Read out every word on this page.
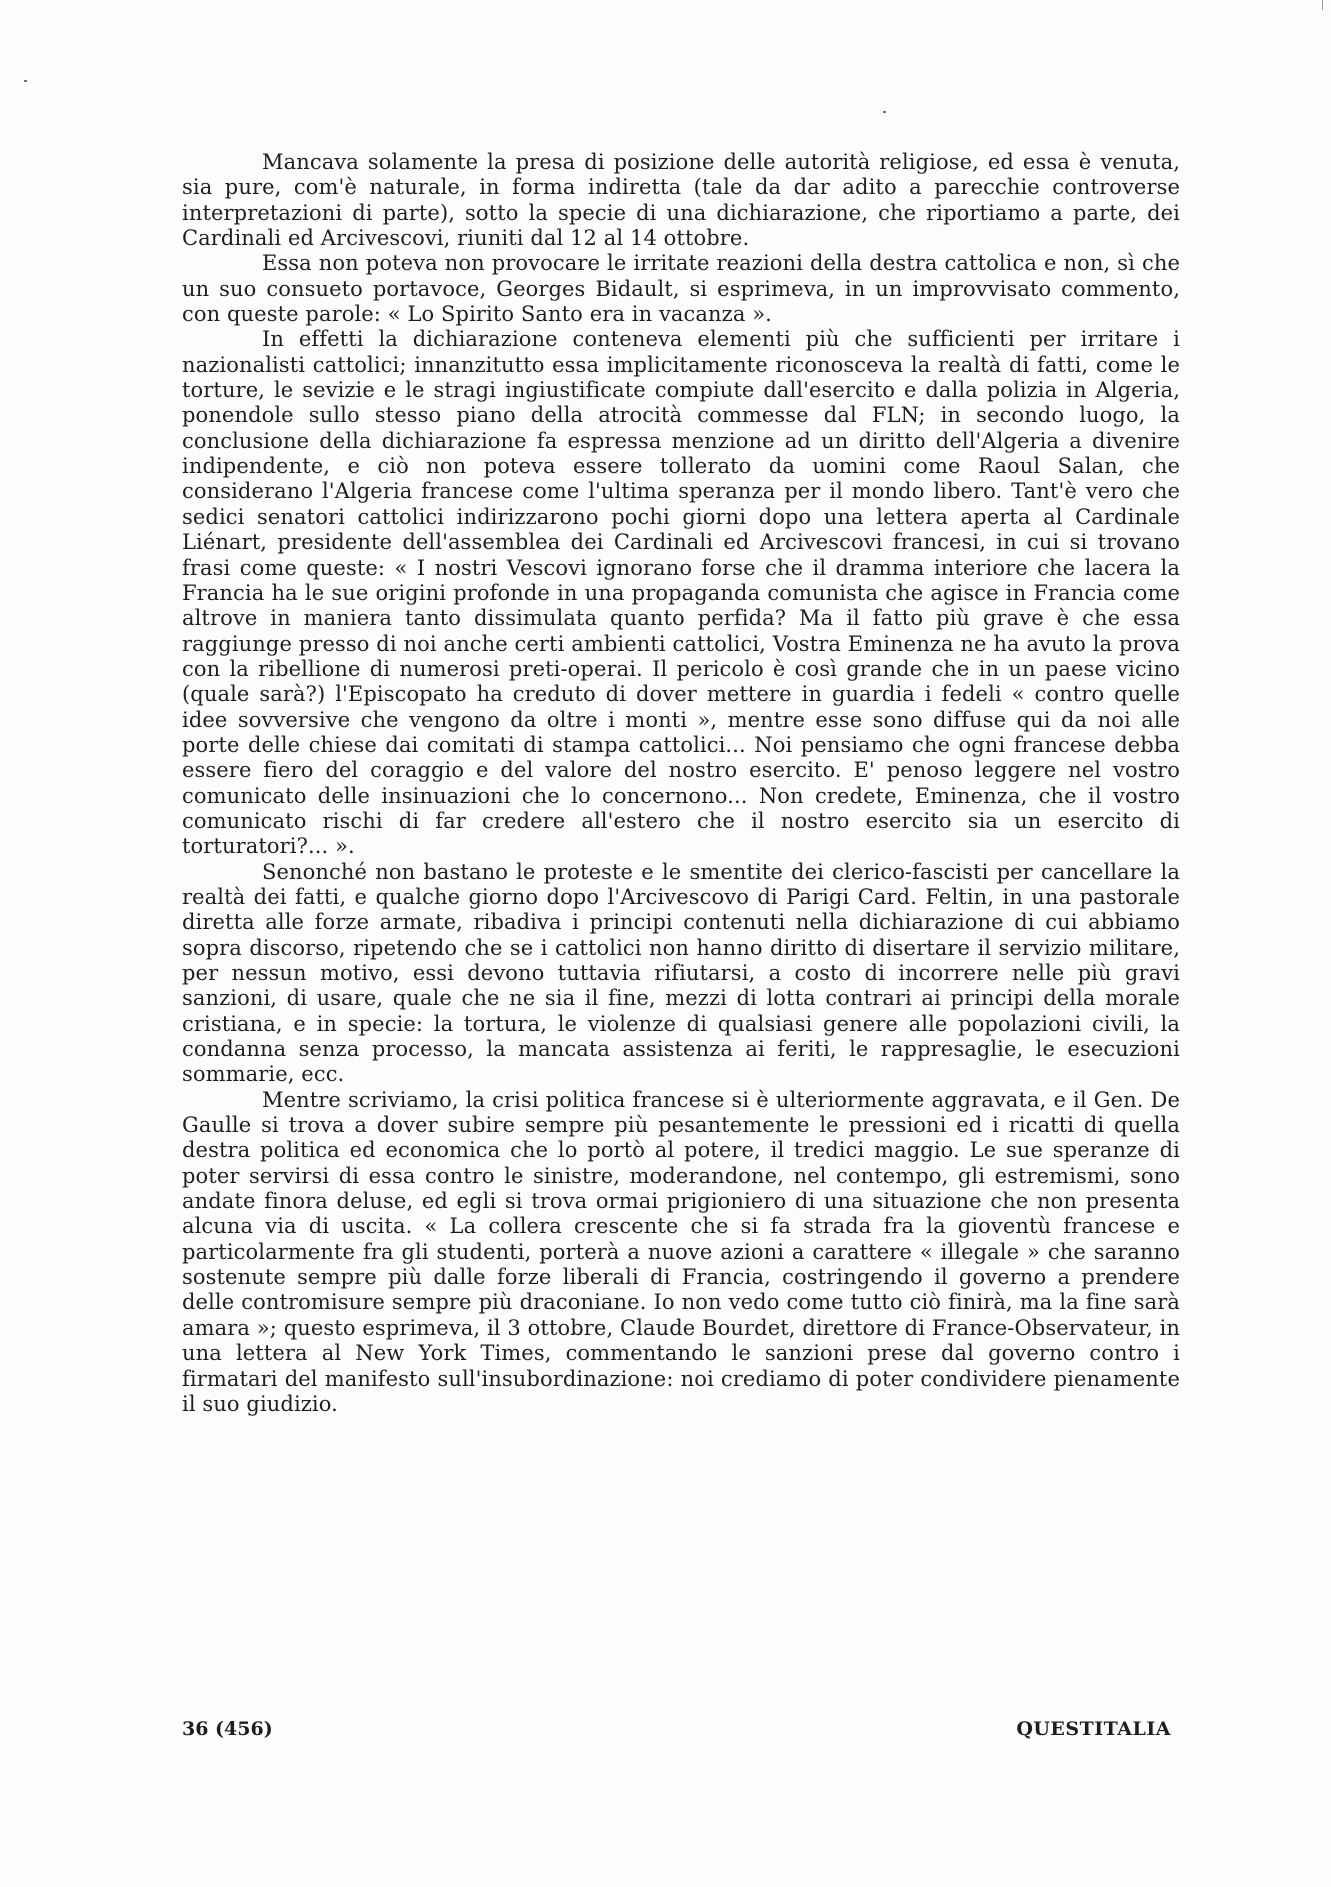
Mancava solamente la presa di posizione delle autorità religiose, ed essa è venuta, sia pure, com'è naturale, in forma indiretta (tale da dar adito a parecchie controverse interpretazioni di parte), sotto la specie di una dichiarazione, che riportiamo a parte, dei Cardinali ed Arcivescovi, riuniti dal 12 al 14 ottobre.

Essa non poteva non provocare le irritate reazioni della destra cattolica e non, sì che un suo consueto portavoce, Georges Bidault, si esprimeva, in un improvvisato commento, con queste parole: « Lo Spirito Santo era in vacanza ».

In effetti la dichiarazione conteneva elementi più che sufficienti per irritare i nazionalisti cattolici; innanzitutto essa implicitamente riconosceva la realtà di fatti, come le torture, le sevizie e le stragi ingiustificate compiute dall'esercito e dalla polizia in Algeria, ponendole sullo stesso piano della atrocità commesse dal FLN; in secondo luogo, la conclusione della dichiarazione fa espressa menzione ad un diritto dell'Algeria a divenire indipendente, e ciò non poteva essere tollerato da uomini come Raoul Salan, che considerano l'Algeria francese come l'ultima speranza per il mondo libero. Tant'è vero che sedici senatori cattolici indirizzarono pochi giorni dopo una lettera aperta al Cardinale Liénart, presidente dell'assemblea dei Cardinali ed Arcivescovi francesi, in cui si trovano frasi come queste: « I nostri Vescovi ignorano forse che il dramma interiore che lacera la Francia ha le sue origini profonde in una propaganda comunista che agisce in Francia come altrove in maniera tanto dissimulata quanto perfida? Ma il fatto più grave è che essa raggiunge presso di noi anche certi ambienti cattolici, Vostra Eminenza ne ha avuto la prova con la ribellione di numerosi preti-operai. Il pericolo è così grande che in un paese vicino (quale sarà?) l'Episcopato ha creduto di dover mettere in guardia i fedeli « contro quelle idee sovversive che vengono da oltre i monti », mentre esse sono diffuse qui da noi alle porte delle chiese dai comitati di stampa cattolici... Noi pensiamo che ogni francese debba essere fiero del coraggio e del valore del nostro esercito. E' penoso leggere nel vostro comunicato delle insinuazioni che lo concernono... Non credete, Eminenza, che il vostro comunicato rischi di far credere all'estero che il nostro esercito sia un esercito di torturatori?... ».

Senonché non bastano le proteste e le smentite dei clerico-fascisti per cancellare la realtà dei fatti, e qualche giorno dopo l'Arcivescovo di Parigi Card. Feltin, in una pastorale diretta alle forze armate, ribadiva i principi contenuti nella dichiarazione di cui abbiamo sopra discorso, ripetendo che se i cattolici non hanno diritto di disertare il servizio militare, per nessun motivo, essi devono tuttavia rifiutarsi, a costo di incorrere nelle più gravi sanzioni, di usare, quale che ne sia il fine, mezzi di lotta contrari ai principi della morale cristiana, e in specie: la tortura, le violenze di qualsiasi genere alle popolazioni civili, la condanna senza processo, la mancata assistenza ai feriti, le rappresaglie, le esecuzioni sommarie, ecc.

Mentre scriviamo, la crisi politica francese si è ulteriormente aggravata, e il Gen. De Gaulle si trova a dover subire sempre più pesantemente le pressioni ed i ricatti di quella destra politica ed economica che lo portò al potere, il tredici maggio. Le sue speranze di poter servirsi di essa contro le sinistre, moderandone, nel contempo, gli estremismi, sono andate finora deluse, ed egli si trova ormai prigioniero di una situazione che non presenta alcuna via di uscita. « La collera crescente che si fa strada fra la gioventù francese e particolarmente fra gli studenti, porterà a nuove azioni a carattere « illegale » che saranno sostenute sempre più dalle forze liberali di Francia, costringendo il governo a prendere delle contromisure sempre più draconiane. Io non vedo come tutto ciò finirà, ma la fine sarà amara »; questo esprimeva, il 3 ottobre, Claude Bourdet, direttore di France-Observateur, in una lettera al New York Times, commentando le sanzioni prese dal governo contro i firmatari del manifesto sull'insubordinazione: noi crediamo di poter condividere pienamente il suo giudizio.

36 (456)	QUESTITALIA
